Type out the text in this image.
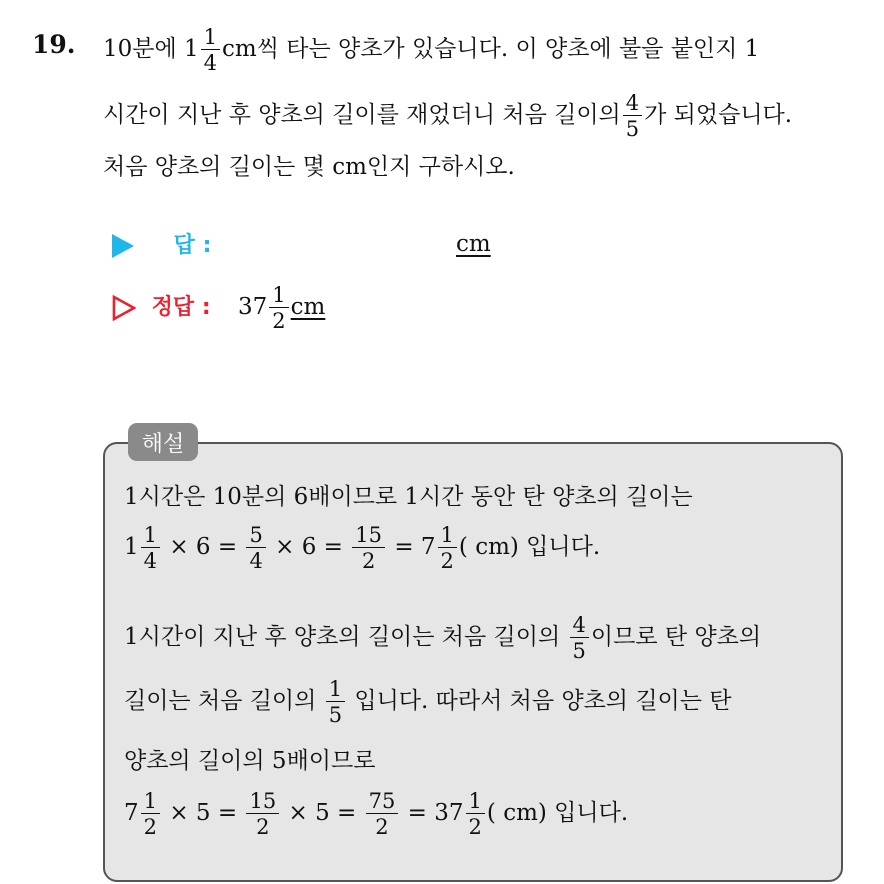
19. 10분에 $1 \frac{1}{4}$ cm씩 타는 양초가 있습니다. 이 양초에 불을 붙인지 1
시간이 지난 후 양초의 길이를 재었더니 처음 길이의 $\frac{4}{5}$ 가 되었습니다.
처음 양초의 길이는 몇 cm인지 구하시오.
답 :	cm
정답 : $37 \frac{1}{2}$ cm
해설
1시간은 10분의 6배이므로 1시간 동안 탄 양초의 길이는
$1 \frac{1}{4} \times 6 = \frac{5}{4} \times 6 = \frac{15}{2} = 7 \frac{1}{2}$ ( cm) 입니다.
1시간이 지난 후 양초의 길이는 처음 길이의 $\frac{4}{5}$ 이므로 탄 양초의
길이는 처음 길이의 $\frac{1}{5}$ 입니다. 따라서 처음 양초의 길이는 탄
양초의 길이의 5배이므로
$7 \frac{1}{2} \times 5 = \frac{15}{2} \times 5 = \frac{75}{2} = 37 \frac{1}{2}$ ( cm) 입니다.
